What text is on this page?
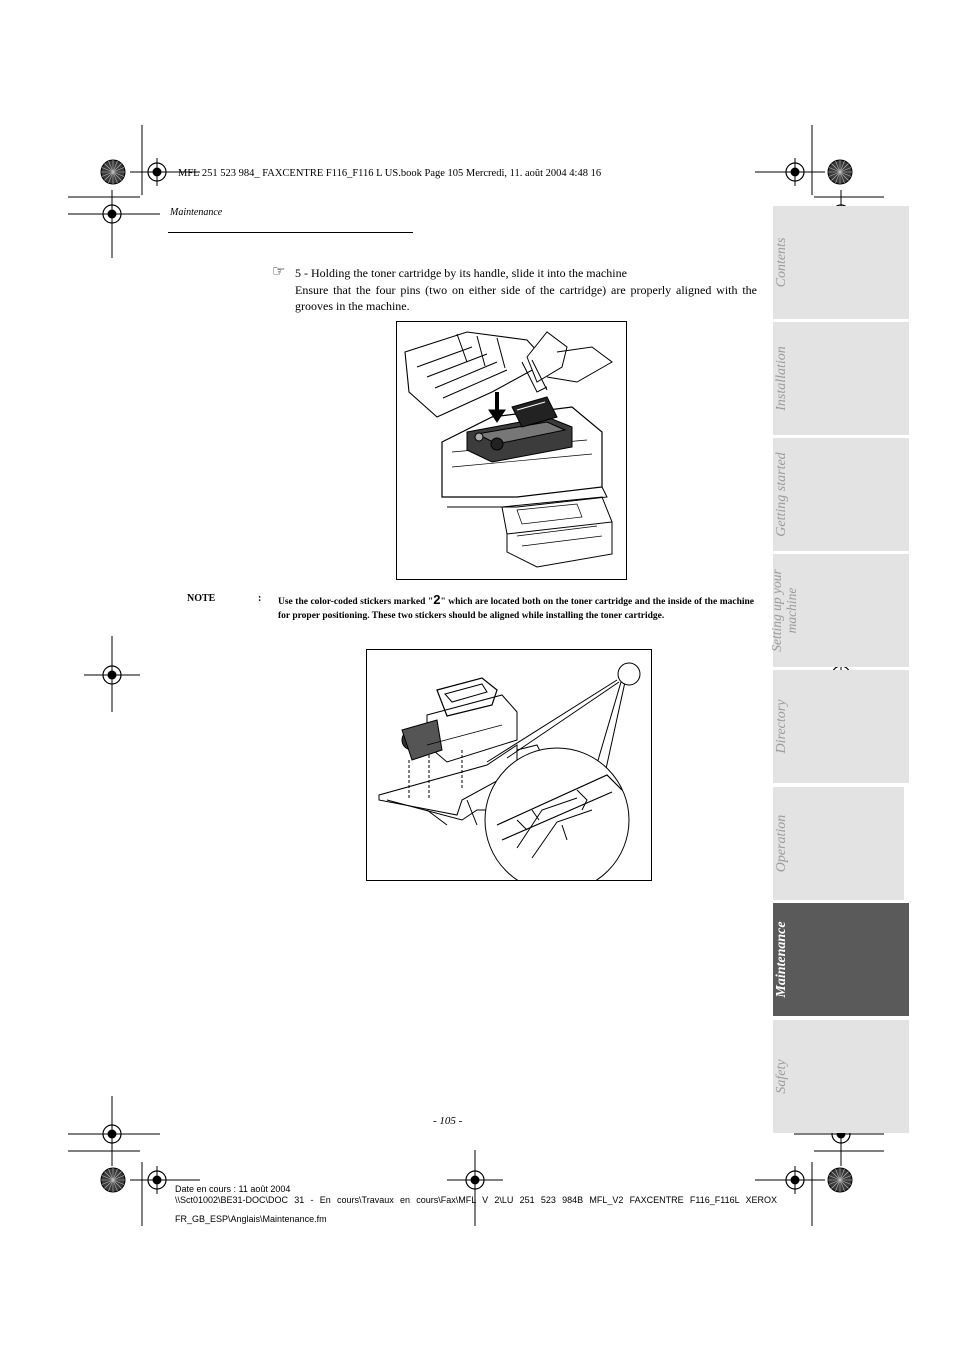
MFL 251 523 984_ FAXCENTRE F116_F116 L US.book Page 105 Mercredi, 11. août 2004 4:48 16
Maintenance
☞ 5 - Holding the toner cartridge by its handle, slide it into the machine
Ensure that the four pins (two on either side of the cartridge) are properly aligned with the grooves in the machine.
NOTE	: Use the color-coded stickers marked "2" which are located both on the toner cartridge and the inside of the machine for proper positioning. These two stickers should be aligned while installing the toner cartridge.
- 105 -
Date en cours : 11 août 2004
\\Sct01002\BE31-DOC\DOC 31 - En cours\Travaux en cours\Fax\MFL V 2\LU 251 523 984B MFL_V2 FAXCENTRE F116_F116L XEROX
FR_GB_ESP\Anglais\Maintenance.fm
Contents
Installation
Getting started
Setting up your machine
Directory
Operation
Maintenance
Safety
